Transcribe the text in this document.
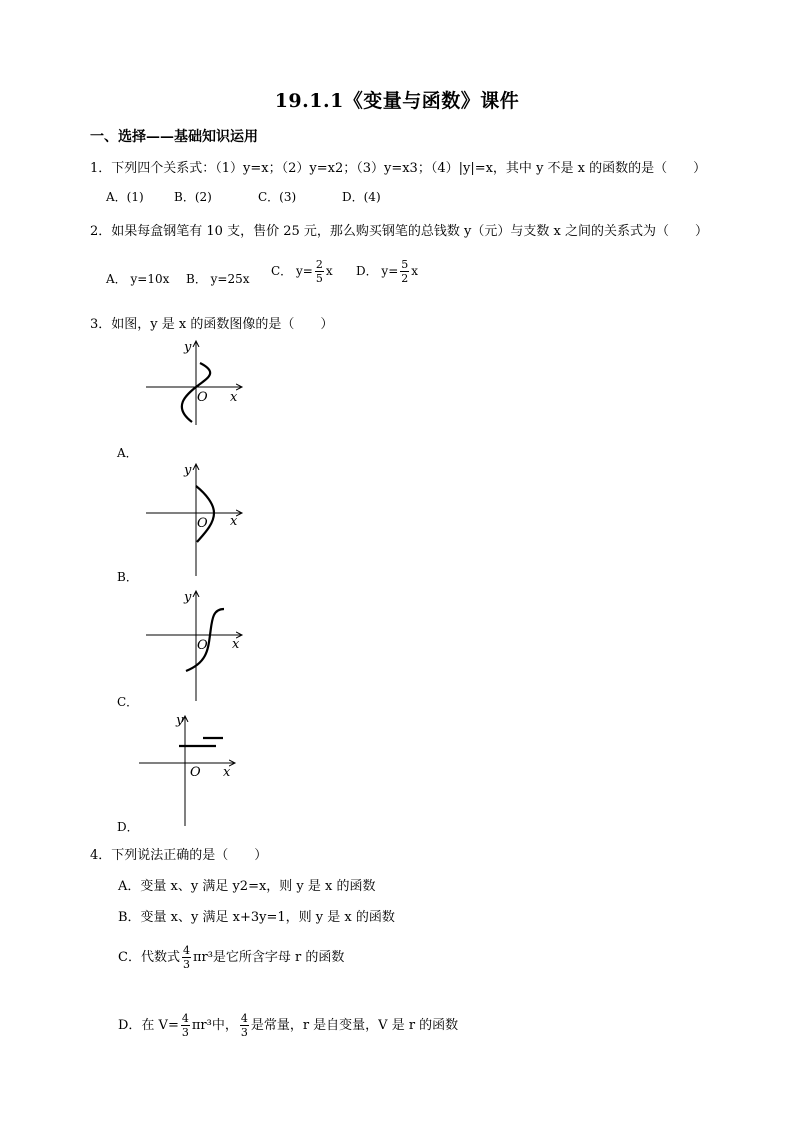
19.1.1《变量与函数》课件
一、选择——基础知识运用
1．下列四个关系式：（1）y=x；（2）y=x2；（3）y=x3；（4）|y|=x，其中 y 不是 x 的函数的是（　　）
A．(1)	B．(2)	C．(3)	D．(4)
2．如果每盒钢笔有 10 支，售价 25 元，那么购买钢笔的总钱数 y（元）与支数 x 之间的关系式为（　　）
A． y=10x B． y=25x
C． $y= \frac{2}{5}$ x D． $y= \frac{5}{2}$ x
3．如图，y 是 x 的函数图像的是（　　）
y
x
O
A．
y
x
O
B．
y
x
O
C．
y
x
O
D．
4．下列说法正确的是（　　）
A．变量 x、y 满足 y2=x，则 y 是 x 的函数
B．变量 x、y 满足 x+3y=1，则 y 是 x 的函数
C．代数式 $\frac{4}{3} \pi r^3$是它所含字母 r 的函数
D．在 $V= \frac{4}{3} \pi r^3$中， $\frac{4}{3}$ 是常量，r 是自变量，V 是 r 的函数
